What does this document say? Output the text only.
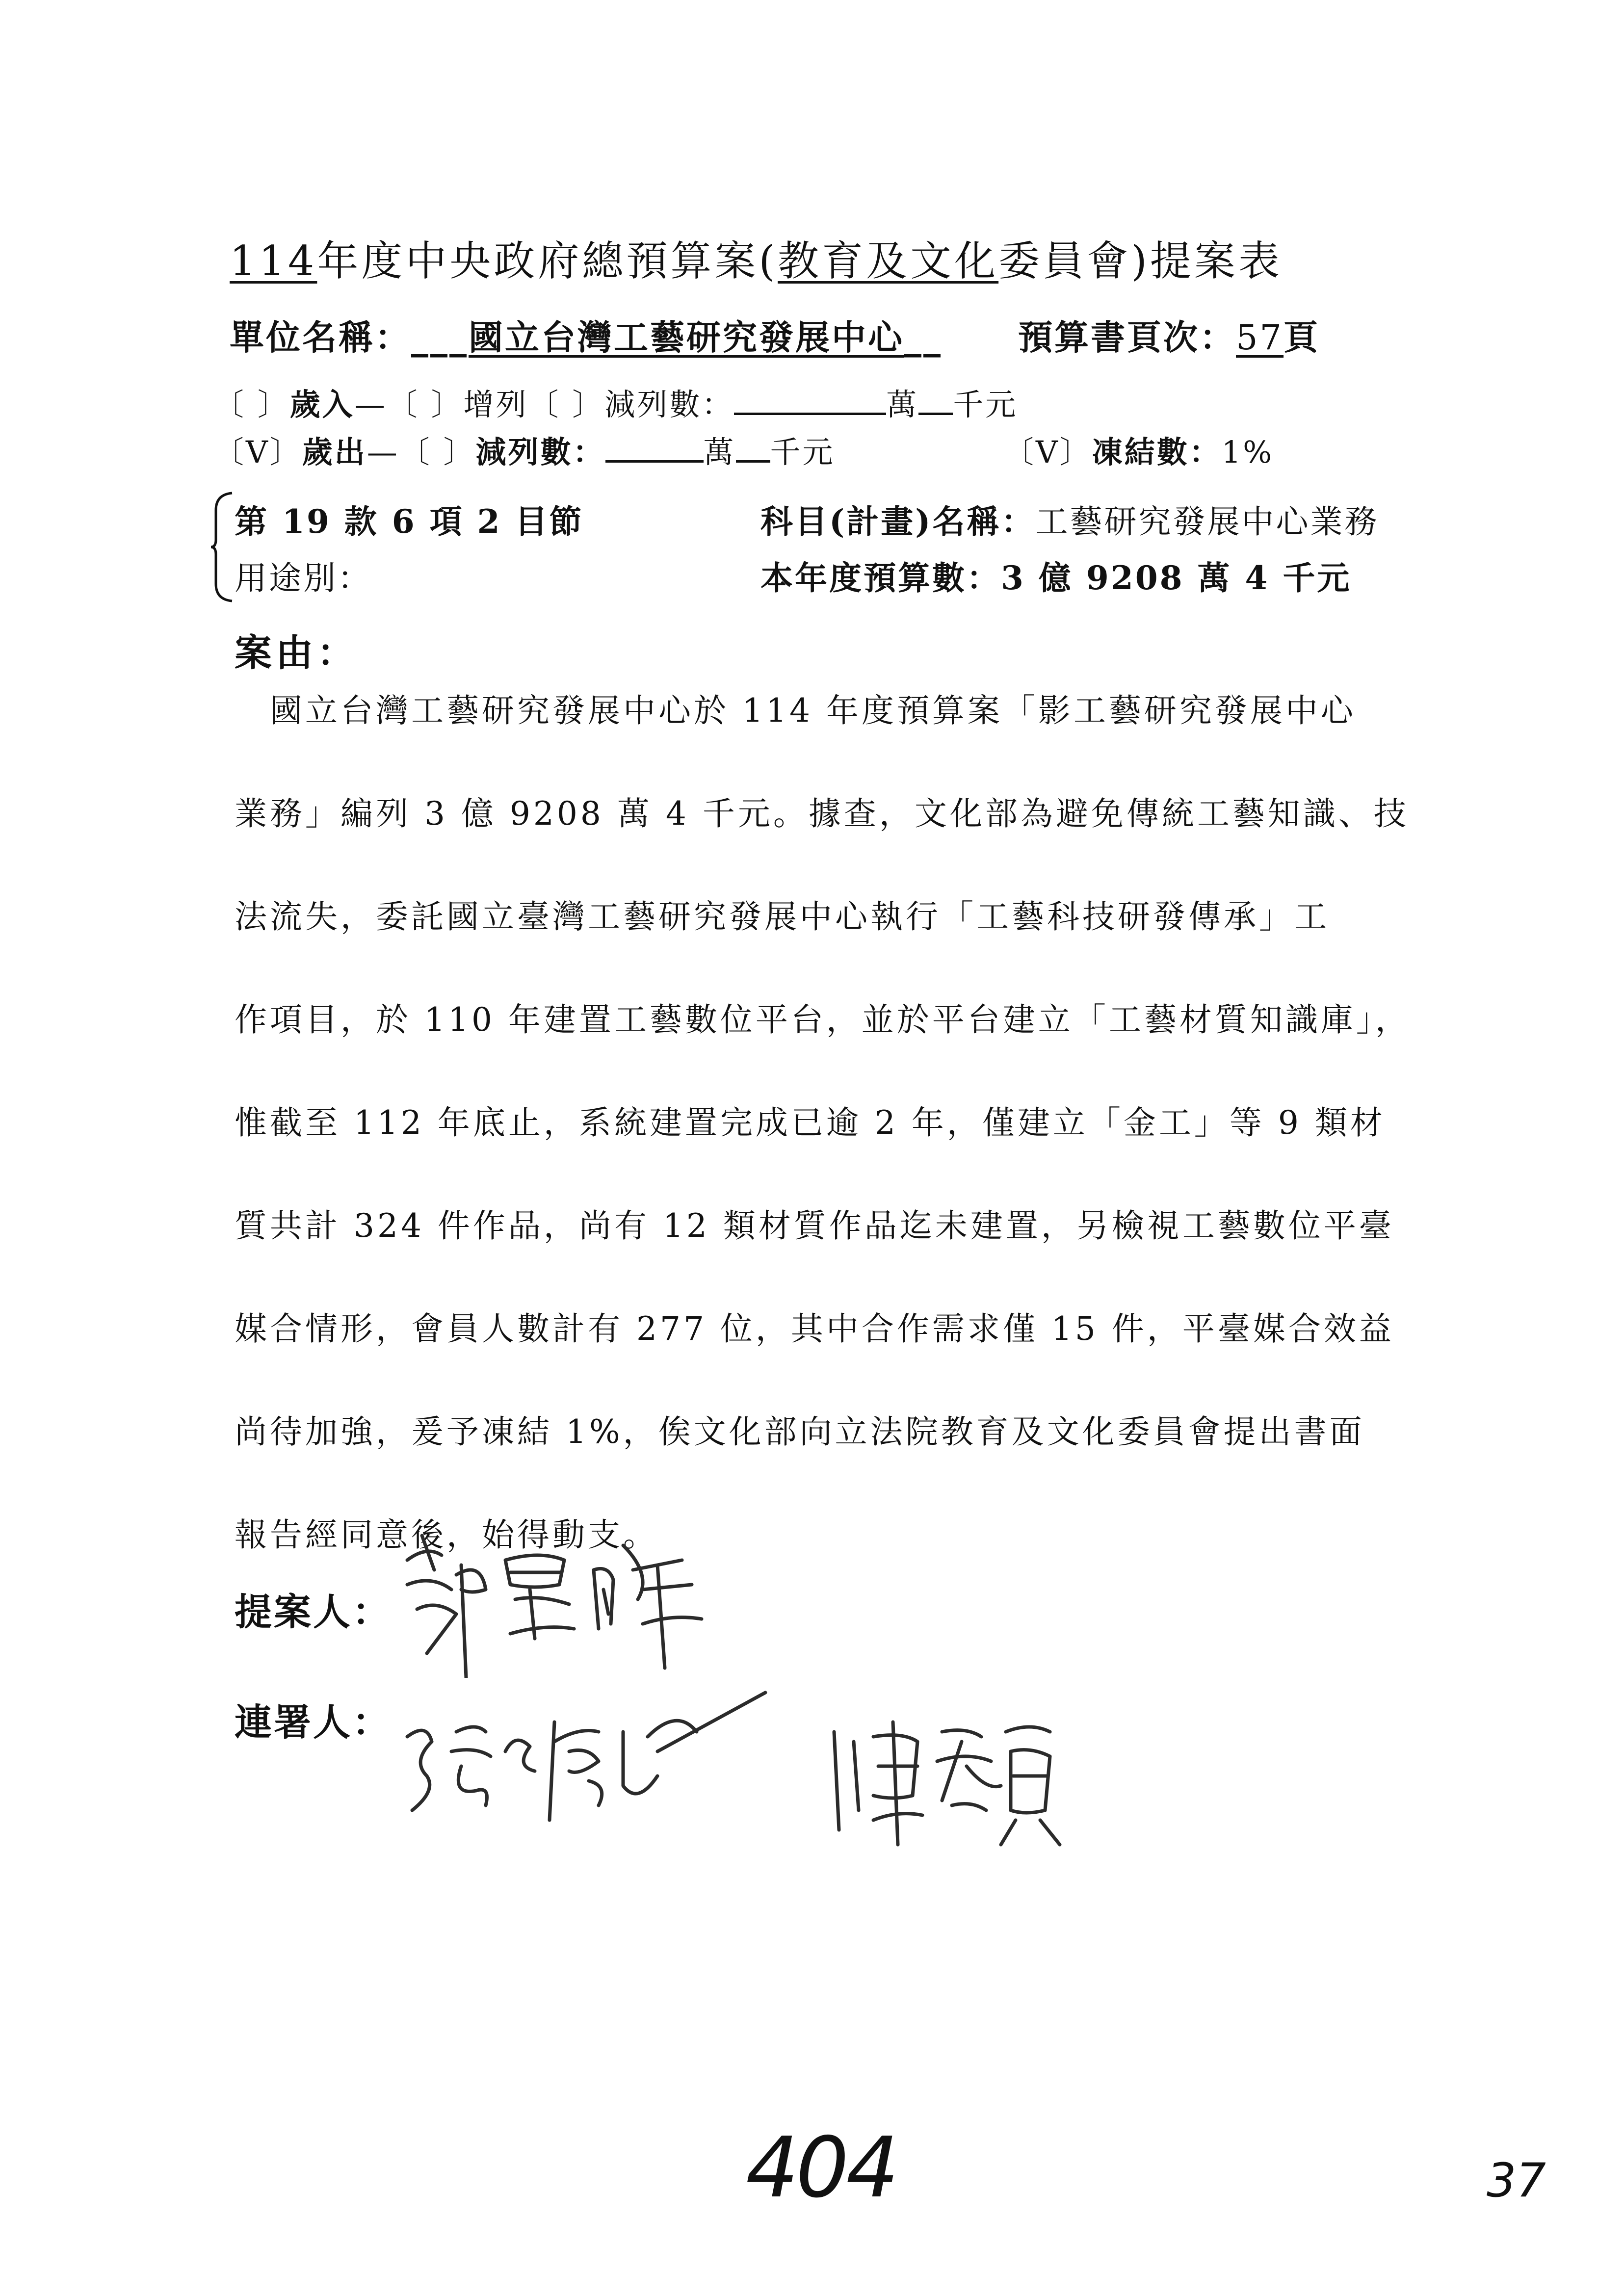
114年度中央政府總預算案(教育及文化委員會)提案表
單位名稱：___國立台灣工藝研究發展中心__ 預算書頁次：57頁
〔 〕歲入—〔 〕增列〔 〕減列數：	萬 千元
〔V〕歲出—〔 〕減列數：	萬 千元	〔V〕凍結數：1%
第 19 款 6 項 2 目節
用途別：
科目(計畫)名稱：工藝研究發展中心業務
本年度預算數：3 億 9208 萬 4 千元
案由：
　國立台灣工藝研究發展中心於 114 年度預算案「影工藝研究發展中心
業務」編列 3 億 9208 萬 4 千元。據查，文化部為避免傳統工藝知識、技
法流失，委託國立臺灣工藝研究發展中心執行「工藝科技研發傳承」工
作項目，於 110 年建置工藝數位平台，並於平台建立「工藝材質知識庫」，
惟截至 112 年底止，系統建置完成已逾 2 年，僅建立「金工」等 9 類材
質共計 324 件作品，尚有 12 類材質作品迄未建置，另檢視工藝數位平臺
媒合情形，會員人數計有 277 位，其中合作需求僅 15 件，平臺媒合效益
尚待加強，爰予凍結 1%，俟文化部向立法院教育及文化委員會提出書面
報告經同意後，始得動支。
提案人：
連署人：
404	37
